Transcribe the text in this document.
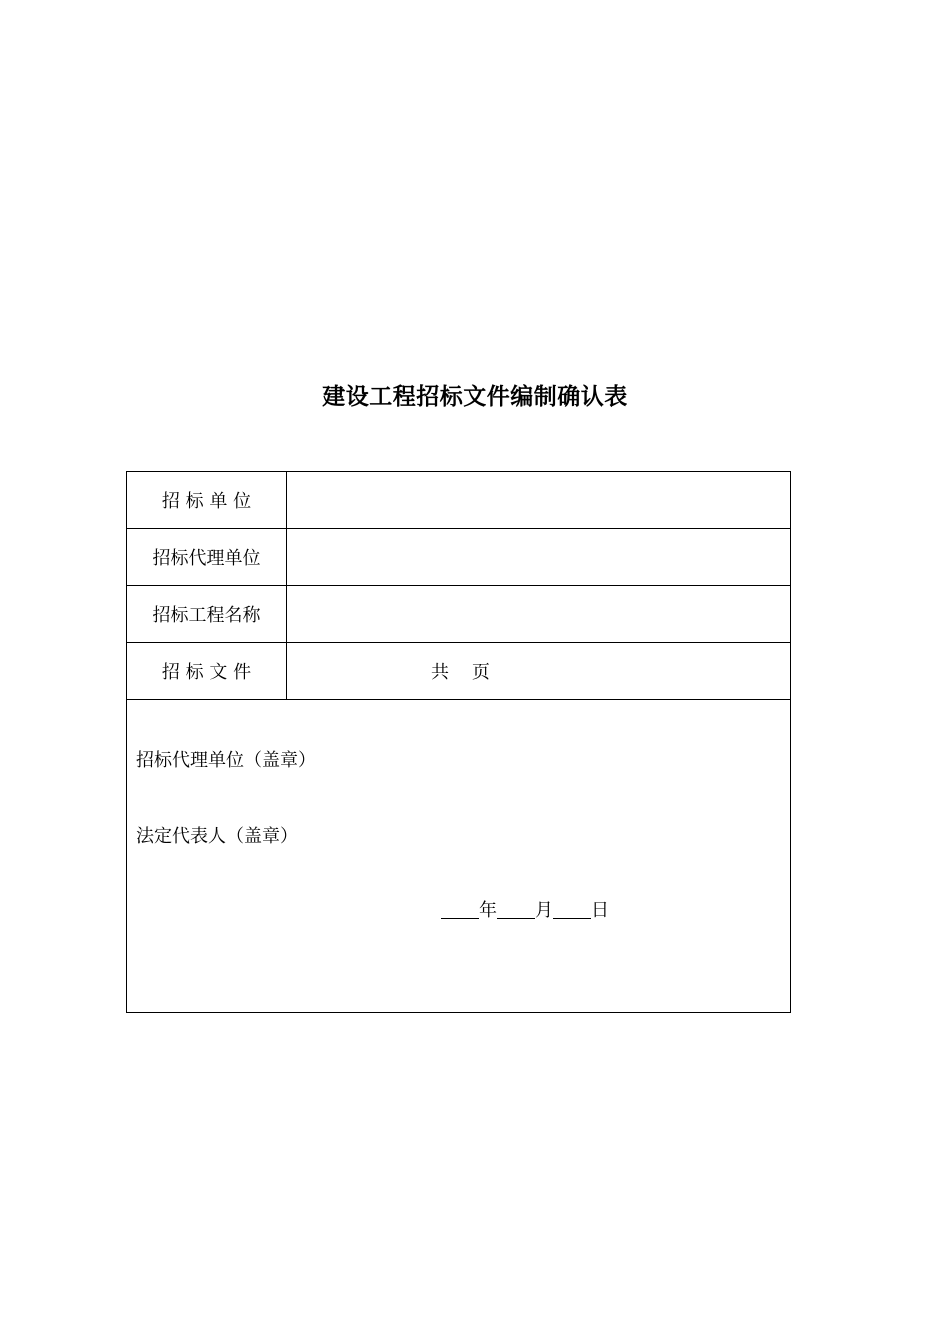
建设工程招标文件编制确认表
招 标 单 位	
招标代理单位	
招标工程名称	
招 标 文 件	共    页

招标代理单位（盖章）
法定代表人（盖章）
年 月 日	
